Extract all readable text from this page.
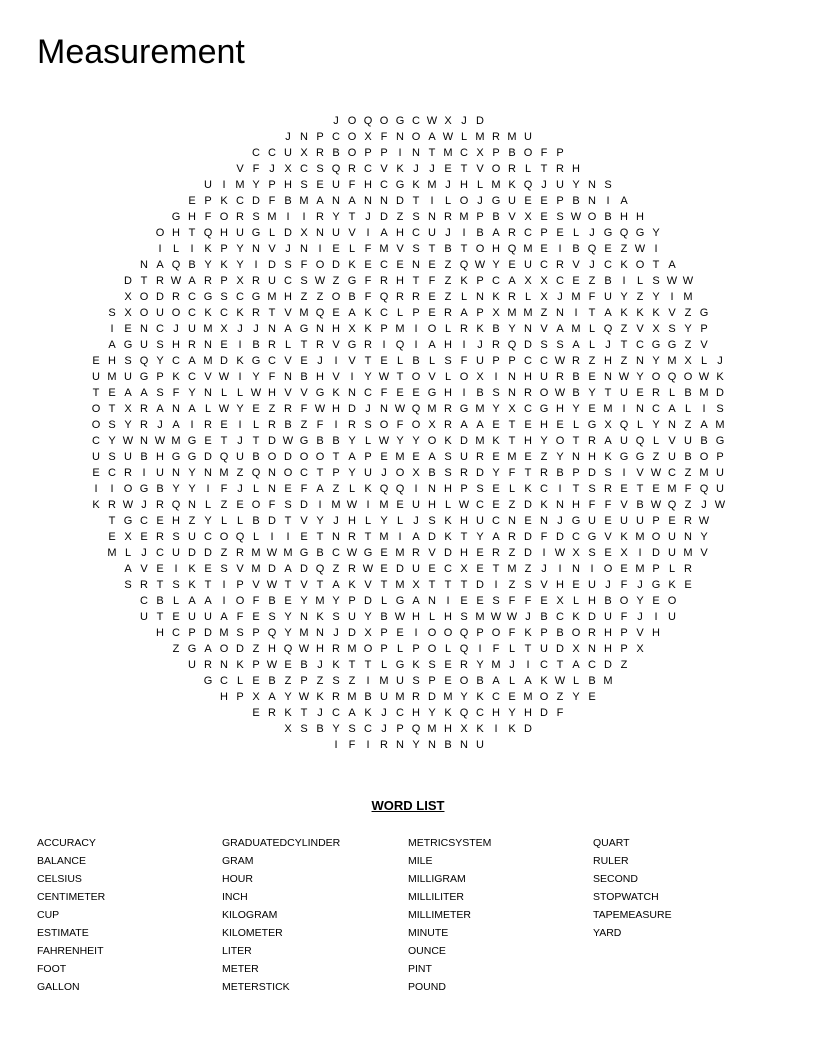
Measurement
J O Q O G C W X J D
J N P C O X F N O A W L M R M U
C C U X R B O P P I N T M C X P B O F P
V F J X C S Q R C V K J J E T V O R L T R H
U I M Y P H S E U F H C G K M J H L M K Q J U Y N S
E P K C D F B M A N A N N D T	I	L O J G U E E P B N I A
G H F O R S M I	I R Y T J D Z S N R M P B V X E S W O B H H
O H T Q H U G L D X N U V I A H C U J	I B A R C P E L J G Q G Y
I	L	I K P Y N V J N I E L F M V S T B T O H Q M E I B Q E Z W I
N A Q B Y K Y I D S F O D K E C E N E Z Q W Y E U C R V J C K O T A
D T R W A R P X R U C S W Z G F R H T F Z K P C A X X C E Z B I	L S W W
X O D R C G S C G M H Z Z O B F Q R R E Z L N K R L X J M F U Y Z Y I M
S X O U O C K C K R T V M Q E A K C L P E R A P X M M Z N I	T A K K K V Z G
I E N C J U M X J J N A G N H X K P M I O L R K B Y N V A M L Q Z V X S Y P
A G U S H R N E I B R L T R V G R I Q I A H I	J R Q D S S A L J T C G G Z V
E H S Q Y C A M D K G C V E J	I V T E L B L S F U P P C C W R Z H Z N Y M X L J
U M U G P K C V W I Y F N B H V I Y W T O V L O X I N H U R B E N W Y O Q O W K
T E A A S F Y N L L W H V V G K N C F E E G H I B S N R O W B Y T U E R L B M D
O T X R A N A L W Y E Z R F W H D J N W Q M R G M Y X C G H Y E M I N C A L	I S
O S Y R J A I R E I	L R B Z F	I R S O F O X R A A E T E H E L G X Q L Y N Z A M
C Y W N W M G E T J T D W G B B Y L W Y Y O K D M K T H Y O T R A U Q L V U B G
U S U B H G G D Q U B O D O O T A P E M E A S U R E M E Z Y N H K G G Z U B O P
E C R I U N Y N M Z Q N O C T P Y U J O X B S R D Y F T R B P D S I V W C Z M U
I	I O G B Y Y I	F J L N E F A Z L K Q Q I N H P S E L K C I	T S R E T E M F Q U
K R W J R Q N L Z E O F S D I M W I M E U H L W C E Z D K N H F F V B W Q Z J W
T G C E H Z Y L L B D T V Y J H L Y L J S K H U C N E N J G U E U U P E R W
E X E R S U C O Q L	I	I E T N R T M I A D K T Y A R D F D C G V K M O U N Y
M L J C U D D Z R M W M G B C W G E M R V D H E R Z D I W X S E X I D U M V
A V E I K E S V M D A D Q Z R W E D U E C X E T M Z J	I N I O E M P L R
S R T S K T	I P V W T V T A K V T M X T T T D I	Z S V H E U J F J G K E
C B L A A I O F B E Y M Y P D L G A N I E E S F F E X L H B O Y E O
U T E U U A F E S Y N K S U Y B W H L H S M W W J B C K D U F J	I U
H C P D M S P Q Y M N J D X P E I O O Q P O F K P B O R H P V H
Z G A O D Z H Q W H R M O P L P O L Q I	F L T U D X N H P X
U R N K P W E B J K T T L G K S E R Y M J	I C T A C D Z
G C L E B Z P Z S Z	I M U S P E O B A L A K W L B M
H P X A Y W K R M B U M R D M Y K C E M O Z Y E
E R K T J C A K J C H Y K Q C H Y H D F
X S B Y S C J P Q M H X K I K D
I	F	I R N Y N B N U
WORD LIST
ACCURACY
BALANCE
CELSIUS
CENTIMETER
CUP
ESTIMATE
FAHRENHEIT
FOOT
GALLON
GRADUATEDCYLINDER
GRAM
HOUR
INCH
KILOGRAM
KILOMETER
LITER
METER
METERSTICK
METRICSYSTEM
MILE
MILLIGRAM
MILLILITER
MILLIMETER
MINUTE
OUNCE
PINT
POUND
QUART
RULER
SECOND
STOPWATCH
TAPEMEASURE
YARD
